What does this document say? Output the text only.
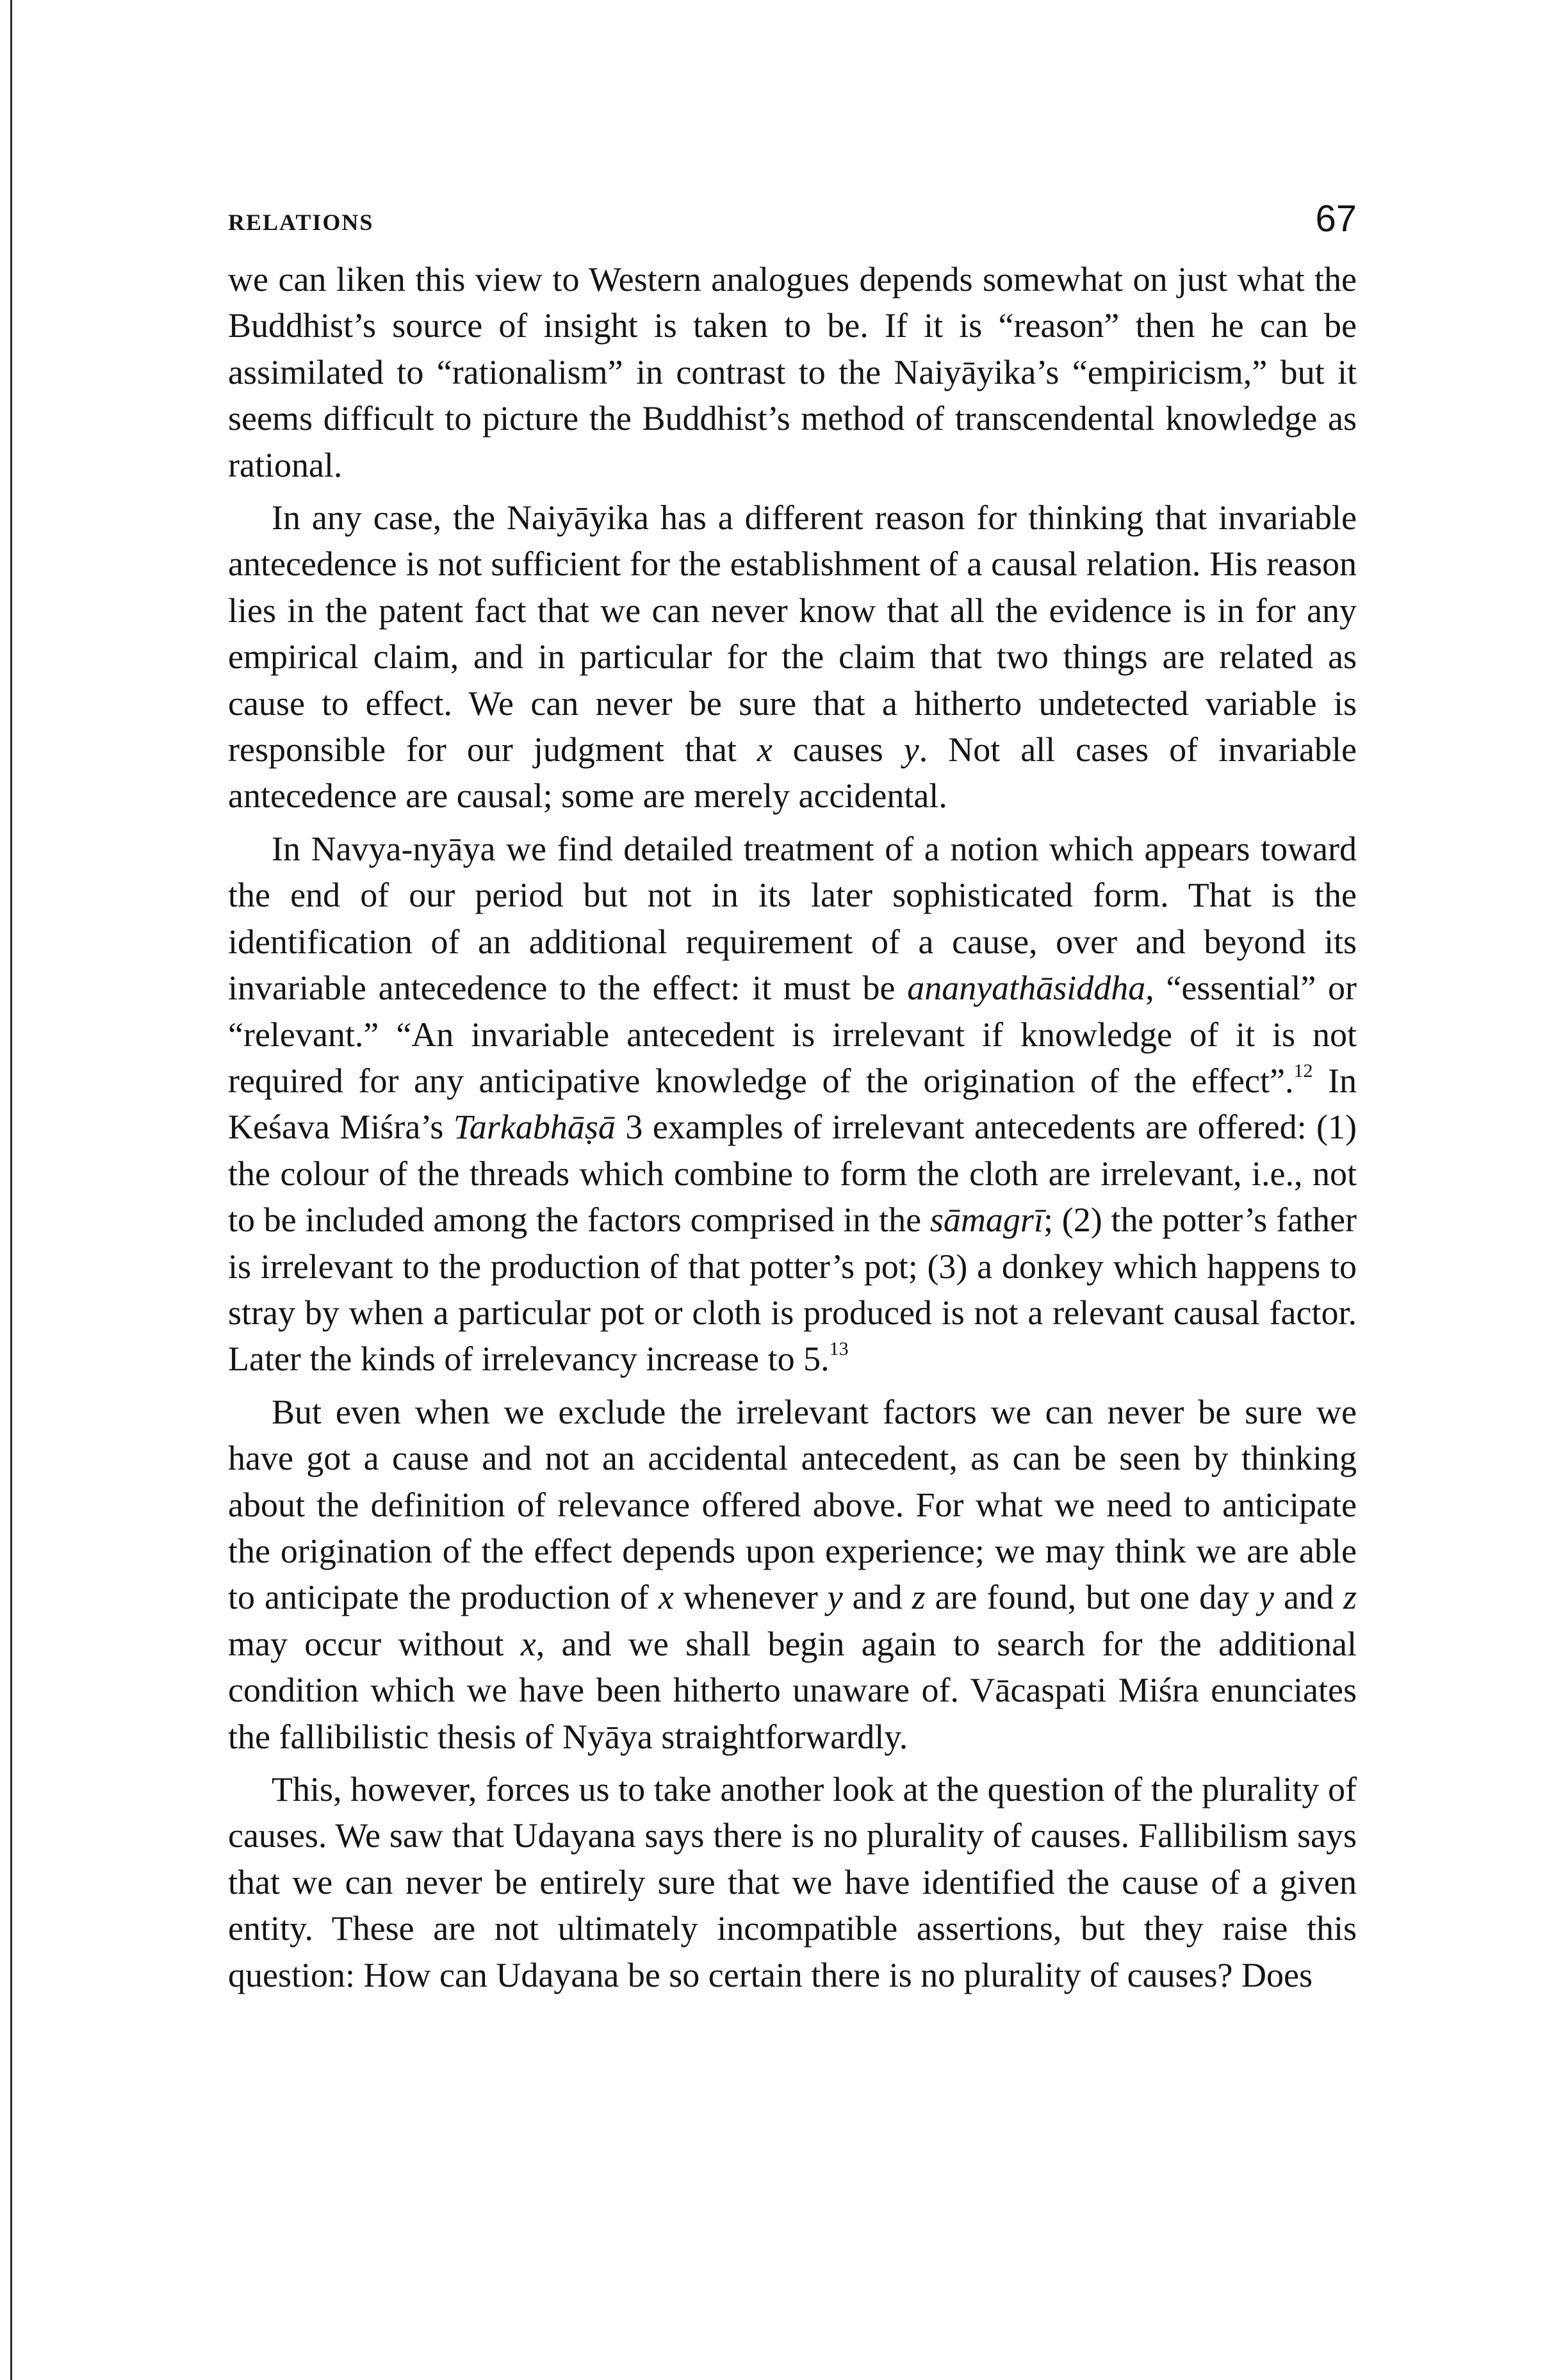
RELATIONS	67

we can liken this view to Western analogues depends somewhat on just what the Buddhist’s source of insight is taken to be. If it is “reason” then he can be assimilated to “rationalism” in contrast to the Naiyāyika’s “empiricism,” but it seems difficult to picture the Buddhist’s method of transcendental knowledge as rational.

In any case, the Naiyāyika has a different reason for thinking that invariable antecedence is not sufficient for the establishment of a causal relation. His reason lies in the patent fact that we can never know that all the evidence is in for any empirical claim, and in particular for the claim that two things are related as cause to effect. We can never be sure that a hitherto undetected variable is responsible for our judgment that x causes y. Not all cases of invariable antecedence are causal; some are merely accidental.

In Navya-nyāya we find detailed treatment of a notion which appears toward the end of our period but not in its later sophisticated form. That is the identification of an additional requirement of a cause, over and beyond its invariable antecedence to the effect: it must be ananyathāsiddha, “essential” or “relevant.” “An invariable antecedent is irrelevant if knowledge of it is not required for any anticipative knowledge of the origination of the effect”.$^{12}$ In Keśava Miśra’s Tarkabhāṣā 3 examples of irrelevant antecedents are offered: (1) the colour of the threads which combine to form the cloth are irrelevant, i.e., not to be included among the factors comprised in the sāmagrī; (2) the potter’s father is irrelevant to the production of that potter’s pot; (3) a donkey which happens to stray by when a particular pot or cloth is produced is not a relevant causal factor. Later the kinds of irrelevancy increase to 5.13

But even when we exclude the irrelevant factors we can never be sure we have got a cause and not an accidental antecedent, as can be seen by thinking about the definition of relevance offered above. For what we need to anticipate the origination of the effect depends upon experience; we may think we are able to anticipate the production of x whenever y and z are found, but one day y and z may occur without x, and we shall begin again to search for the additional condition which we have been hitherto unaware of. Vācaspati Miśra enunciates the fallibilistic thesis of Nyāya straightforwardly.

This, however, forces us to take another look at the question of the plurality of causes. We saw that Udayana says there is no plurality of causes. Fallibilism says that we can never be entirely sure that we have identified the cause of a given entity. These are not ultimately incompatible assertions, but they raise this question: How can Udayana be so certain there is no plurality of causes? Does
